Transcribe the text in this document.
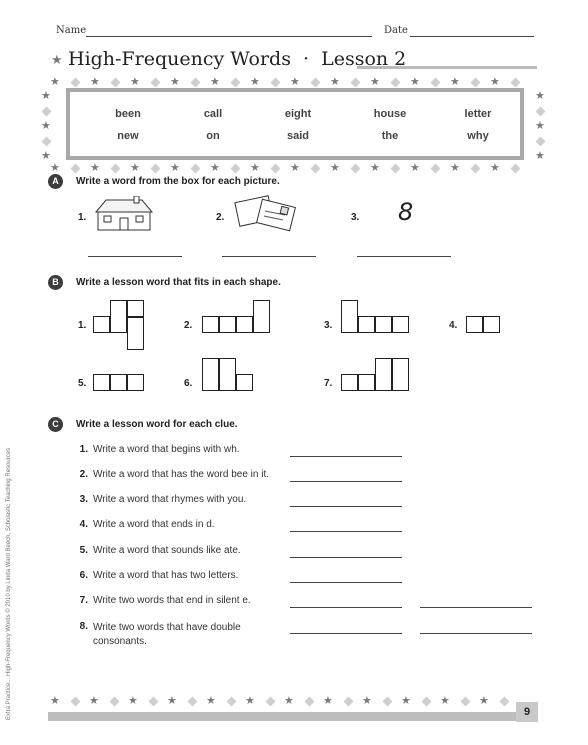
Name	Date
★ High-Frequency Words · Lesson 2
★
★
★
★
★
★
★
★
★
★
★
★
★
★
★
★
★
★
★
★
★
★
★
★
★	★
★	★
★	★
been	call	eight	house	letter
new	on	said	the	why
A	Write a word from the box for each picture.
1.	2.	3. 8
B	Write a lesson word that fits in each shape.
1.	2.	3.	4.
5.	6.	7.
C	Write a lesson word for each clue.
1. Write a word that begins with wh.
2. Write a word that has the word bee in it.
3. Write a word that rhymes with you.
4. Write a word that ends in d.
5. Write a word that sounds like ate.
6. Write a word that has two letters.
7. Write two words that end in silent e.
8. Write two words that have double consonants.
★	★	★	★	★	★	★	★	★	★	★	★
9
Extra Practice... High-Frequency Words © 2010 by Linda Ward Beech, Scholastic Teaching Resources
